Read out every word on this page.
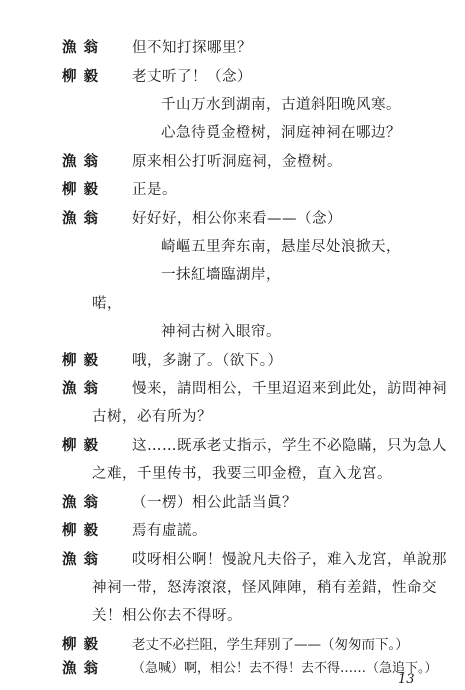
漁翁 但不知打探哪里？
柳毅 老丈听了！（念）
千山万水到湖南，古道斜阳晚风寒。
心急待覓金橙树，洞庭神祠在哪边？
漁翁 原来相公打听洞庭祠，金橙树。
柳毅 正是。
漁翁 好好好，相公你来看——（念）
崎嶇五里奔东南，悬崖尽处浪掀天，
一抹紅墻臨湖岸，
喏，
神祠古树入眼帘。
柳毅 哦，多謝了。（欲下。）
漁翁 慢来，請問相公，千里迢迢来到此处，訪問神祠
古树，必有所为？
柳毅 这……既承老丈指示，学生不必隐瞞，只为急人
之难，千里传书，我要三叩金橙，直入龙宮。
漁翁 （一楞）相公此話当眞？
柳毅 焉有虛謊。
漁翁 哎呀相公啊！慢說凡夫俗子，难入龙宮，单說那
神祠一带，怒涛滾滾，怪风陣陣，稍有差錯，性命交
关！相公你去不得呀。
柳毅 老丈不必拦阻，学生拜别了——（匆匆而下。）
漁翁 （急喊）啊，相公！去不得！去不得……（急追下。）
13
